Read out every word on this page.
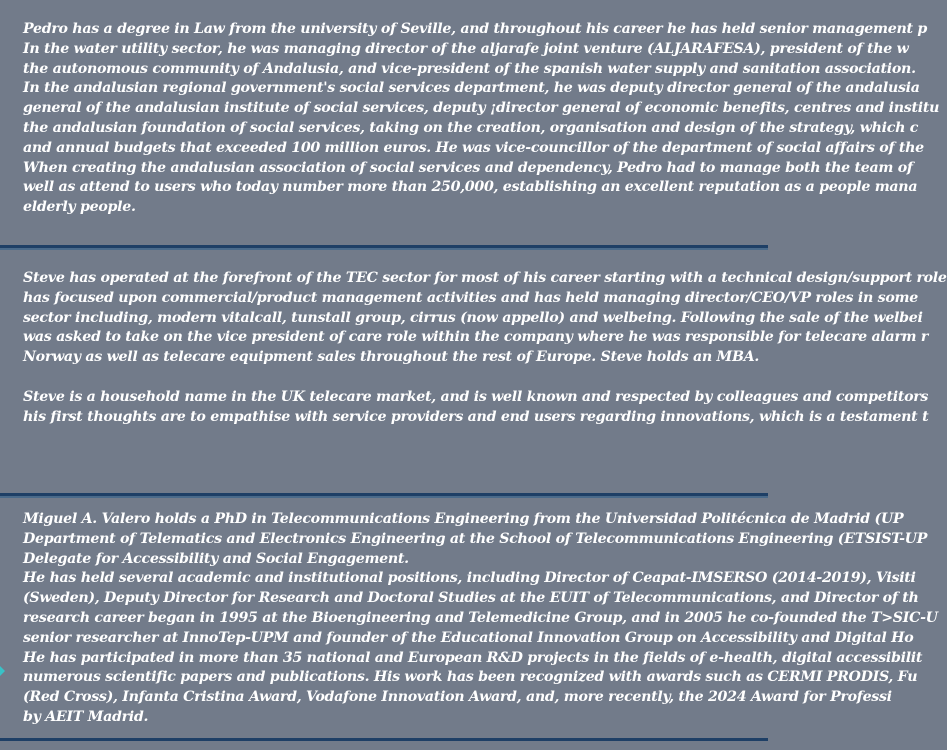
Pedro has a degree in Law from the university of Seville, and throughout his career he has held senior management p

In the water utility sector, he was managing director of the aljarafe joint venture (ALJARAFESA), president of the w

the autonomous community of Andalusia, and vice-president of the spanish water supply and sanitation association.

In the andalusian regional government's social services department, he was deputy director general of the andalusia

general of the andalusian institute of social services, deputy ¡director general of economic benefits, centres and institu

the andalusian foundation of social services, taking on the creation, organisation and design of the strategy, which c

and annual budgets that exceeded 100 million euros. He was vice-councillor of the department of social affairs of the

When creating the andalusian association of social services and dependency, Pedro had to manage both the team of

well as attend to users who today number more than 250,000, establishing an excellent reputation as a people mana

elderly people.

Steve has operated at the forefront of the TEC sector for most of his career starting with a technical design/support role

has focused upon commercial/product management activities and has held managing director/CEO/VP roles in some

sector including, modern vitalcall, tunstall group, cirrus (now appello) and welbeing. Following the sale of the welbei

was asked to take on the vice president of care role within the company where he was responsible for telecare alarm r

Norway as well as telecare equipment sales throughout the rest of Europe. Steve holds an MBA.

Steve is a household name in the UK telecare market, and is well known and respected by colleagues and competitors

his first thoughts are to empathise with service providers and end users regarding innovations, which is a testament t

Miguel A. Valero holds a PhD in Telecommunications Engineering from the Universidad Politécnica de Madrid (UP

Department of Telematics and Electronics Engineering at the School of Telecommunications Engineering (ETSIST-UP

Delegate for Accessibility and Social Engagement.

He has held several academic and institutional positions, including Director of Ceapat-IMSERSO (2014-2019), Visiti

(Sweden), Deputy Director for Research and Doctoral Studies at the EUIT of Telecommunications, and Director of th

research career began in 1995 at the Bioengineering and Telemedicine Group, and in 2005 he co-founded the T>SIC-U

senior researcher at InnoTep-UPM and founder of the Educational Innovation Group on Accessibility and Digital Ho

He has participated in more than 35 national and European R&D projects in the fields of e-health, digital accessibilit

numerous scientific papers and publications. His work has been recognized with awards such as CERMI PRODIS, Fu

(Red Cross), Infanta Cristina Award, Vodafone Innovation Award, and, more recently, the 2024 Award for Professi

by AEIT Madrid.
